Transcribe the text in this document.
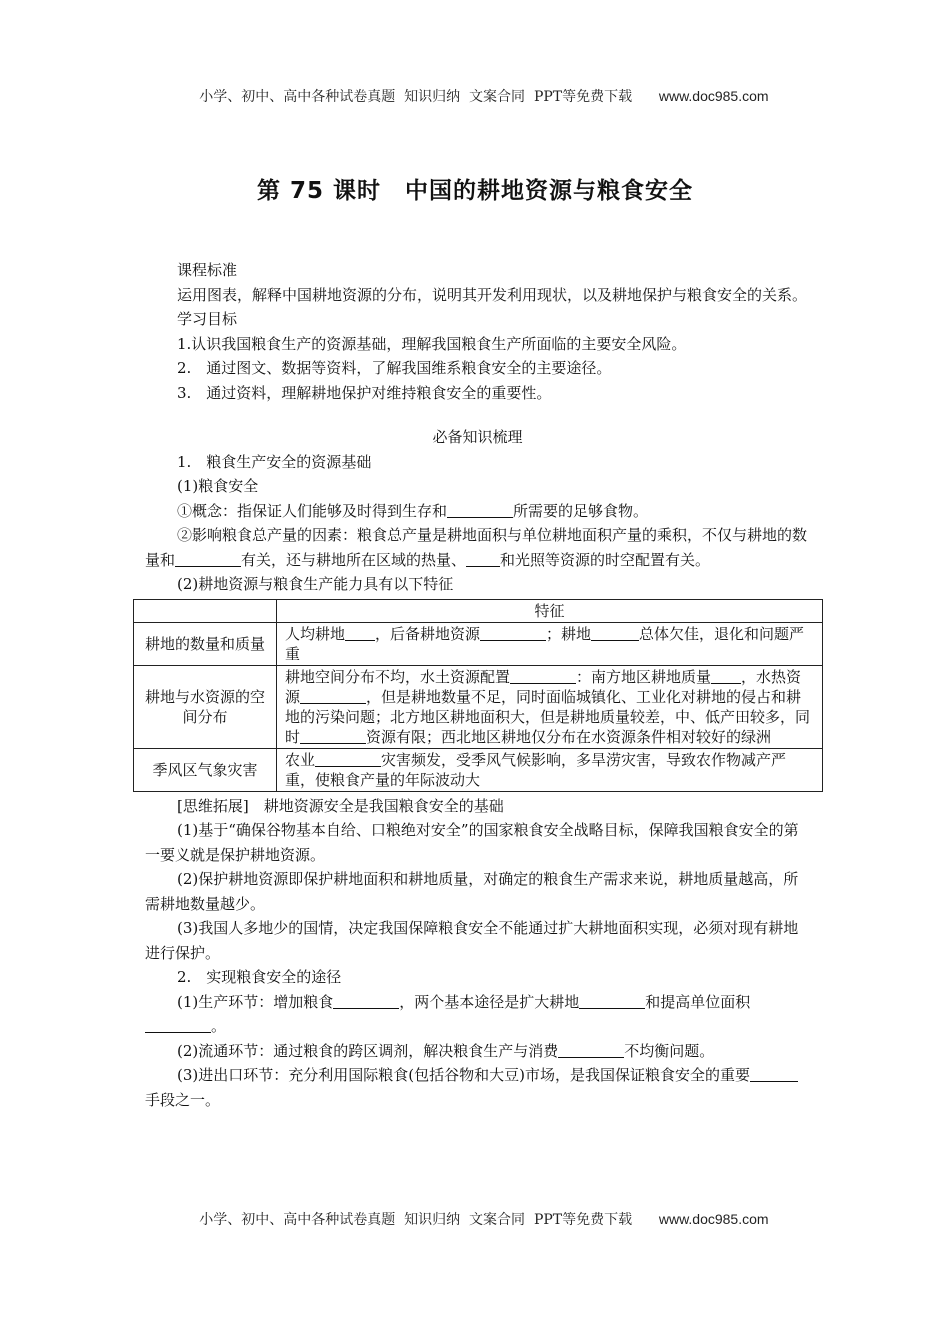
小学、初中、高中各种试卷真题  知识归纳  文案合同  PPT等免费下载 www.doc985.com

第 75 课时　中国的耕地资源与粮食安全

课程标准

运用图表，解释中国耕地资源的分布，说明其开发利用现状，以及耕地保护与粮食安全的关系。

学习目标

1.认识我国粮食生产的资源基础，理解我国粮食生产所面临的主要安全风险。

2.　通过图文、数据等资料，了解我国维系粮食安全的主要途径。

3.　通过资料，理解耕地保护对维持粮食安全的重要性。

必备知识梳理

1.　粮食生产安全的资源基础

(1)粮食安全

①概念：指保证人们能够及时得到生存和	所需要的足够食物。

②影响粮食总产量的因素：粮食总产量是耕地面积与单位耕地面积产量的乘积，不仅与耕地的数量和	有关，还与耕地所在区域的热量、 和光照等资源的时空配置有关。

(2)耕地资源与粮食生产能力具有以下特征

	特征
耕地的数量和质量	人均耕地 ，后备耕地资源 ；耕地 总体欠佳，退化和问题严重
耕地与水资源的空间分布	耕地空间分布不均，水土资源配置 ：南方地区耕地质量 ，水热资源 ，但是耕地数量不足，同时面临城镇化、工业化对耕地的侵占和耕地的污染问题；北方地区耕地面积大，但是耕地质量较差，中、低产田较多，同时 资源有限；西北地区耕地仅分布在水资源条件相对较好的绿洲
季风区气象灾害	农业 灾害频发，受季风气候影响，多旱涝灾害，导致农作物减产严重，使粮食产量的年际波动大

[思维拓展]　耕地资源安全是我国粮食安全的基础

(1)基于“确保谷物基本自给、口粮绝对安全”的国家粮食安全战略目标，保障我国粮食安全的第一要义就是保护耕地资源。

(2)保护耕地资源即保护耕地面积和耕地质量，对确定的粮食生产需求来说，耕地质量越高，所需耕地数量越少。

(3)我国人多地少的国情，决定我国保障粮食安全不能通过扩大耕地面积实现，必须对现有耕地进行保护。

2.　实现粮食安全的途径

(1)生产环节：增加粮食	，两个基本途径是扩大耕地	和提高单位面积。

(2)流通环节：通过粮食的跨区调剂，解决粮食生产与消费	不均衡问题。

(3)进出口环节：充分利用国际粮食(包括谷物和大豆)市场，是我国保证粮食安全的重要手段之一。

小学、初中、高中各种试卷真题  知识归纳  文案合同  PPT等免费下载 www.doc985.com
